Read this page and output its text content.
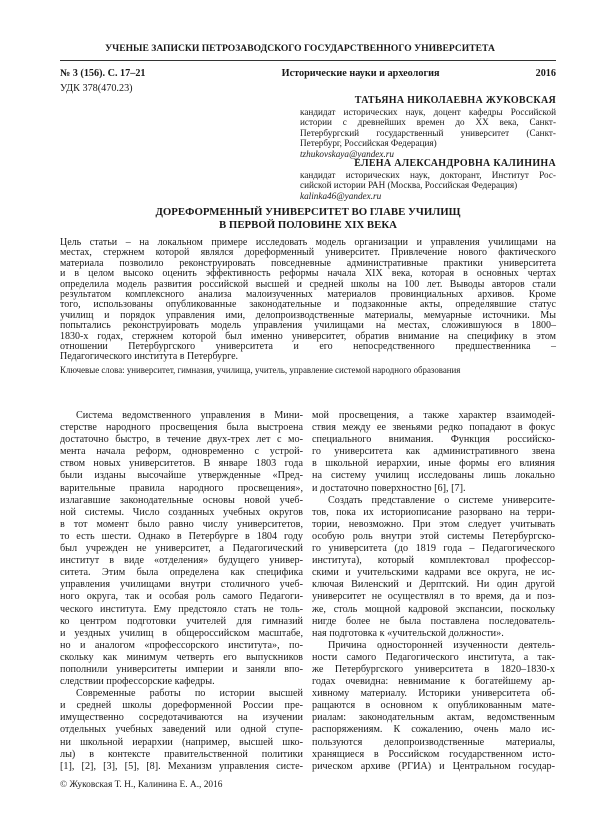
УЧЕНЫЕ ЗАПИСКИ ПЕТРОЗАВОДСКОГО ГОСУДАРСТВЕННОГО УНИВЕРСИТЕТА
№ 3 (156). С. 17–21	Исторические науки и археология	2016
УДК 378(470.23)
ТАТЬЯНА НИКОЛАЕВНА ЖУКОВСКАЯ
кандидат исторических наук, доцент кафедры Российской
истории с древнейших времен до XX века, Санкт-
Петербургский государственный университет (Санкт-
Петербург, Российская Федерация)
tzhukovskaya@yandex.ru
ЕЛЕНА АЛЕКСАНДРОВНА КАЛИНИНА
кандидат исторических наук, докторант, Институт Рос-
сийской истории РАН (Москва, Российская Федерация)
kalinka46@yandex.ru
ДОРЕФОРМЕННЫЙ УНИВЕРСИТЕТ ВО ГЛАВЕ УЧИЛИЩ
В ПЕРВОЙ ПОЛОВИНЕ XIX ВЕКА
Цель статьи – на локальном примере исследовать модель организации и управления училищами на
местах, стержнем которой являлся дореформенный университет. Привлечение нового фактического
материала позволило реконструировать повседневные административные практики университета
и в целом высоко оценить эффективность реформы начала XIX века, которая в основных чертах
определила модель развития российской высшей и средней школы на 100 лет. Выводы авторов стали
результатом комплексного анализа малоизученных материалов провинциальных архивов. Кроме
того, использованы опубликованные законодательные и подзаконные акты, определявшие статус
училищ и порядок управления ими, делопроизводственные материалы, мемуарные источники. Мы
попытались реконструировать модель управления училищами на местах, сложившуюся в 1800–
1830-х годах, стержнем которой был именно университет, обратив внимание на специфику в этом
отношении Петербургского университета и его непосредственного предшественника –
Педагогического института в Петербурге.
Ключевые слова: университет, гимназия, училища, учитель, управление системой народного образования
Система ведомственного управления в Мини-
стерстве народного просвещения была выстроена
достаточно быстро, в течение двух-трех лет с мо-
мента начала реформ, одновременно с устрой-
ством новых университетов. В январе 1803 года
были изданы высочайше утвержденные «Пред-
варительные правила народного просвещения»,
излагавшие законодательные основы новой учеб-
ной системы. Число созданных учебных округов
в тот момент было равно числу университетов,
то есть шести. Однако в Петербурге в 1804 году
был учрежден не университет, а Педагогический
институт в виде «отделения» будущего универ-
ситета. Этим была определена как специфика
управления училищами внутри столичного учеб-
ного округа, так и особая роль самого Педагоги-
ческого института. Ему предстояло стать не толь-
ко центром подготовки учителей для гимназий
и уездных училищ в общероссийском масштабе,
но и аналогом «профессорского института», по-
скольку как минимум четверть его выпускников
пополнили университеты империи и заняли впо-
следствии профессорские кафедры.
Современные работы по истории высшей
и средней школы дореформенной России пре-
имущественно сосредотачиваются на изучении
отдельных учебных заведений или одной ступе-
ни школьной иерархии (например, высшей шко-
лы) в контексте правительственной политики
[1], [2], [3], [5], [8]. Механизм управления систе-
мой просвещения, а также характер взаимодей-
ствия между ее звеньями редко попадают в фокус
специального внимания. Функция российско-
го университета как административного звена
в школьной иерархии, иные формы его влияния
на систему училищ исследованы лишь локально
и достаточно поверхностно [6], [7].
Создать представление о системе университе-
тов, пока их историописание разорвано на терри-
тории, невозможно. При этом следует учитывать
особую роль внутри этой системы Петербургско-
го университета (до 1819 года – Педагогического
института), который комплектовал профессор-
скими и учительскими кадрами все округа, не ис-
ключая Виленский и Дерптский. Ни один другой
университет не осуществлял в то время, да и поз-
же, столь мощной кадровой экспансии, поскольку
нигде более не была поставлена последователь-
ная подготовка к «учительской должности».
Причина односторонней изученности деятель-
ности самого Педагогического института, а так-
же Петербургского университета в 1820–1830-х
годах очевидна: невнимание к богатейшему ар-
хивному материалу. Историки университета об-
ращаются в основном к опубликованным мате-
риалам: законодательным актам, ведомственным
распоряжениям. К сожалению, очень мало ис-
пользуются делопроизводственные материалы,
хранящиеся в Российском государственном исто-
рическом архиве (РГИА) и Центральном государ-
© Жуковская Т. Н., Калинина Е. А., 2016
